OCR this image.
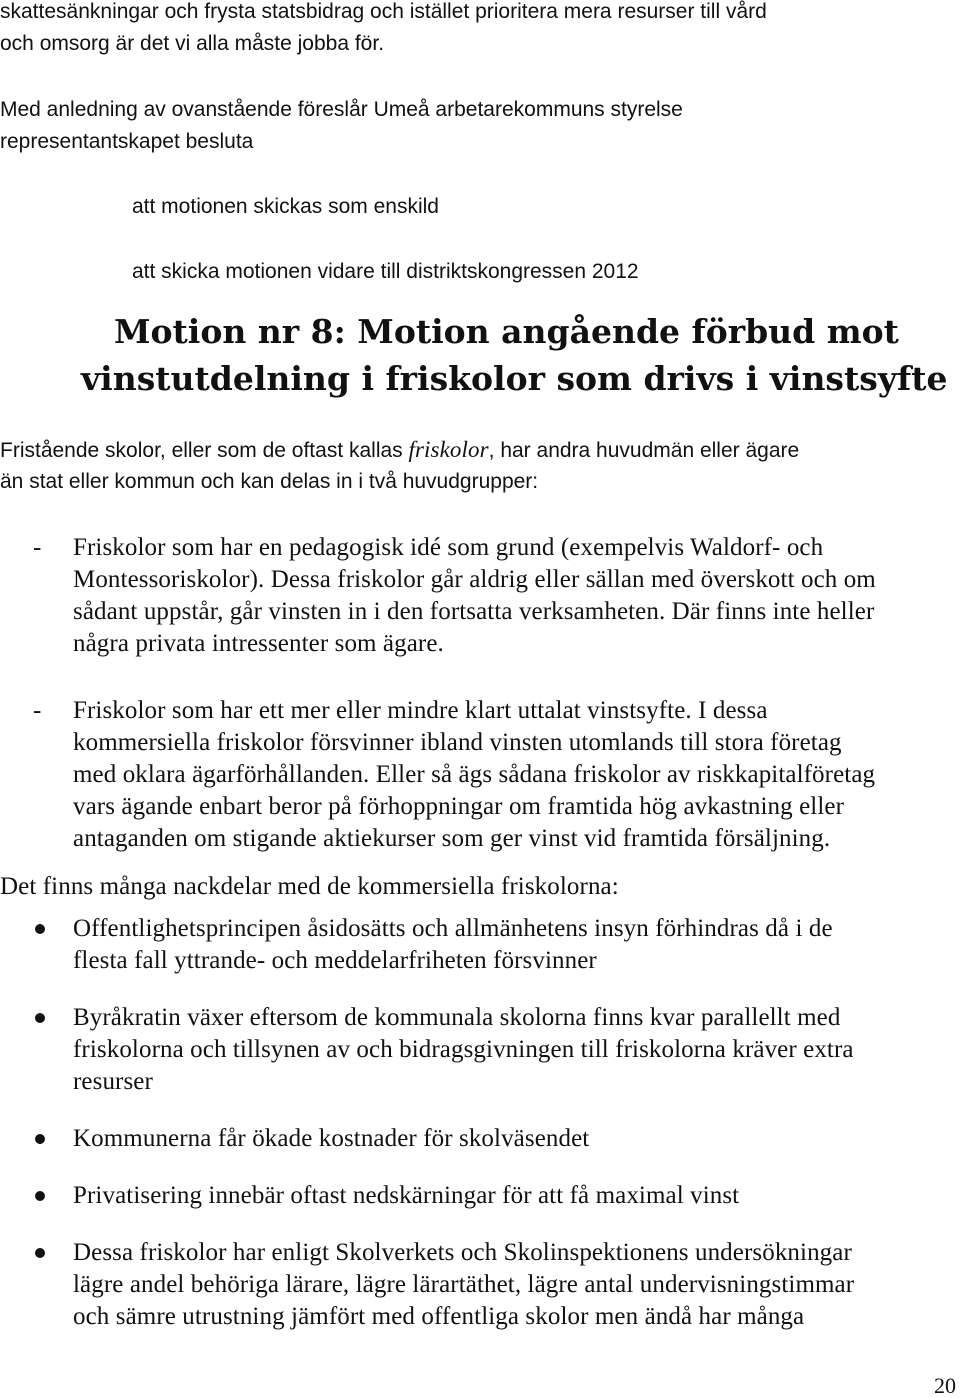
skattesänkningar och frysta statsbidrag och istället prioritera mera resurser till vård
och omsorg är det vi alla måste jobba för.
Med anledning av ovanstående föreslår Umeå arbetarekommuns styrelse
representantskapet besluta
att motionen skickas som enskild
att skicka motionen vidare till distriktskongressen 2012
Motion nr 8: Motion angående förbud mot
vinstutdelning i friskolor som drivs i vinstsyfte
Fristående skolor, eller som de oftast kallas friskolor, har andra huvudmän eller ägare
än stat eller kommun och kan delas in i två huvudgrupper:
- Friskolor som har en pedagogisk idé som grund (exempelvis Waldorf- och
Montessoriskolor). Dessa friskolor går aldrig eller sällan med överskott och om
sådant uppstår, går vinsten in i den fortsatta verksamheten. Där finns inte heller
några privata intressenter som ägare.
- Friskolor som har ett mer eller mindre klart uttalat vinstsyfte. I dessa
kommersiella friskolor försvinner ibland vinsten utomlands till stora företag
med oklara ägarförhållanden. Eller så ägs sådana friskolor av riskkapitalföretag
vars ägande enbart beror på förhoppningar om framtida hög avkastning eller
antaganden om stigande aktiekurser som ger vinst vid framtida försäljning.
Det finns många nackdelar med de kommersiella friskolorna:
Offentlighetsprincipen åsidosätts och allmänhetens insyn förhindras då i de
flesta fall yttrande- och meddelarfriheten försvinner
Byråkratin växer eftersom de kommunala skolorna finns kvar parallellt med
friskolorna och tillsynen av och bidragsgivningen till friskolorna kräver extra
resurser
Kommunerna får ökade kostnader för skolväsendet
Privatisering innebär oftast nedskärningar för att få maximal vinst
Dessa friskolor har enligt Skolverkets och Skolinspektionens undersökningar
lägre andel behöriga lärare, lägre lärartäthet, lägre antal undervisningstimmar
och sämre utrustning jämfört med offentliga skolor men ändå har många
20
